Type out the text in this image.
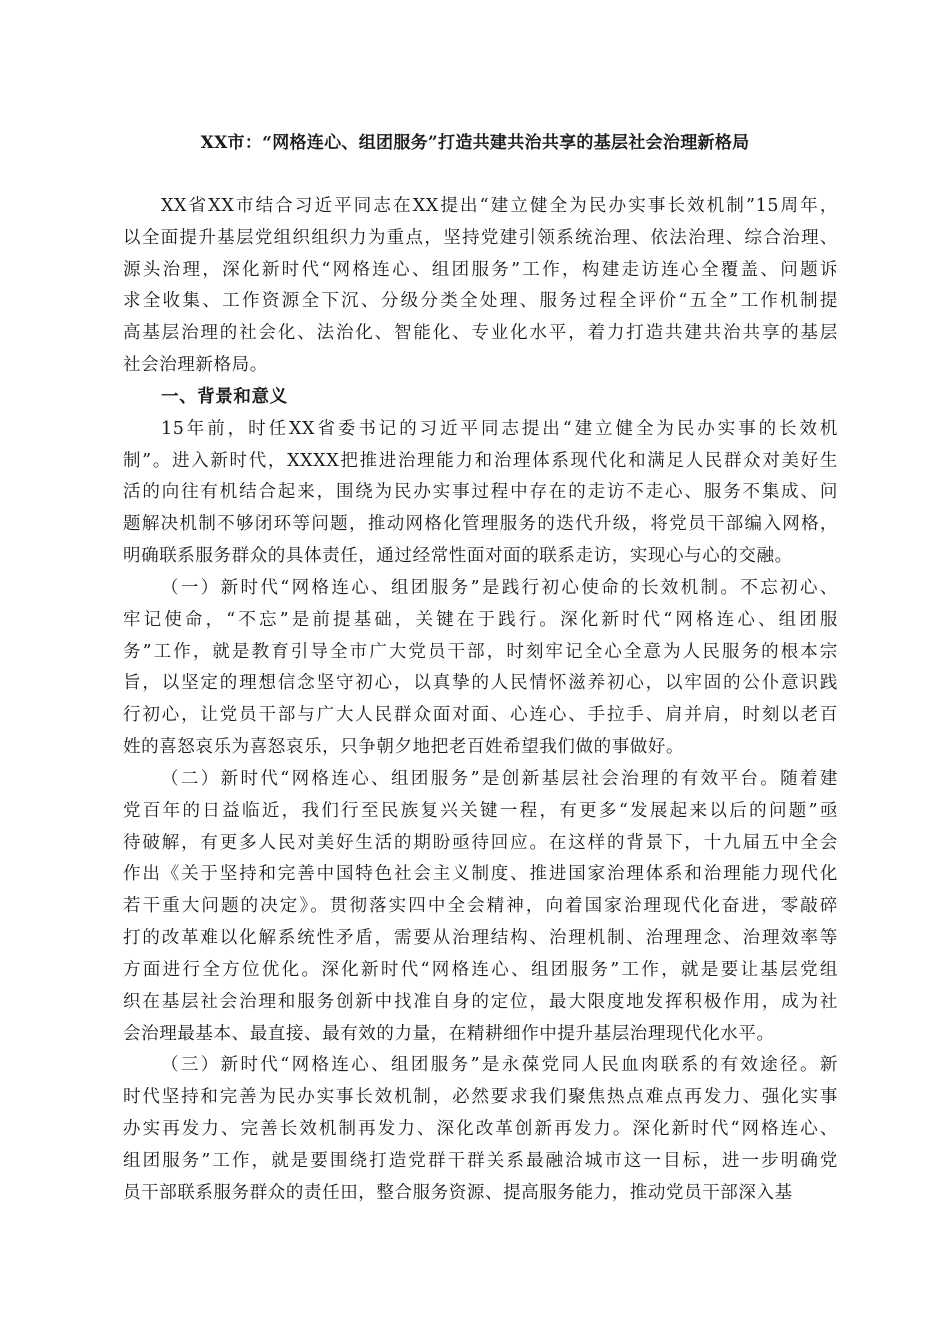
XX市：“网格连心、组团服务”打造共建共治共享的基层社会治理新格局
XX省XX市结合习近平同志在XX提出“建立健全为民办实事长效机制”15周年，
以全面提升基层党组织组织力为重点，坚持党建引领系统治理、依法治理、综合治理、
源头治理，深化新时代“网格连心、组团服务”工作，构建走访连心全覆盖、问题诉
求全收集、工作资源全下沉、分级分类全处理、服务过程全评价“五全”工作机制提
高基层治理的社会化、法治化、智能化、专业化水平，着力打造共建共治共享的基层
社会治理新格局。
一、背景和意义
15年前，时任XX省委书记的习近平同志提出“建立健全为民办实事的长效机
制”。进入新时代，XXXX把推进治理能力和治理体系现代化和满足人民群众对美好生
活的向往有机结合起来，围绕为民办实事过程中存在的走访不走心、服务不集成、问
题解决机制不够闭环等问题，推动网格化管理服务的迭代升级，将党员干部编入网格，
明确联系服务群众的具体责任，通过经常性面对面的联系走访，实现心与心的交融。
（一）新时代“网格连心、组团服务”是践行初心使命的长效机制。不忘初心、
牢记使命，“不忘”是前提基础，关键在于践行。深化新时代“网格连心、组团服
务”工作，就是教育引导全市广大党员干部，时刻牢记全心全意为人民服务的根本宗
旨，以坚定的理想信念坚守初心，以真挚的人民情怀滋养初心，以牢固的公仆意识践
行初心，让党员干部与广大人民群众面对面、心连心、手拉手、肩并肩，时刻以老百
姓的喜怒哀乐为喜怒哀乐，只争朝夕地把老百姓希望我们做的事做好。
（二）新时代“网格连心、组团服务”是创新基层社会治理的有效平台。随着建
党百年的日益临近，我们行至民族复兴关键一程，有更多“发展起来以后的问题”亟
待破解，有更多人民对美好生活的期盼亟待回应。在这样的背景下，十九届五中全会
作出《关于坚持和完善中国特色社会主义制度、推进国家治理体系和治理能力现代化
若干重大问题的决定》。贯彻落实四中全会精神，向着国家治理现代化奋进，零敲碎
打的改革难以化解系统性矛盾，需要从治理结构、治理机制、治理理念、治理效率等
方面进行全方位优化。深化新时代“网格连心、组团服务”工作，就是要让基层党组
织在基层社会治理和服务创新中找准自身的定位，最大限度地发挥积极作用，成为社
会治理最基本、最直接、最有效的力量，在精耕细作中提升基层治理现代化水平。
（三）新时代“网格连心、组团服务”是永葆党同人民血肉联系的有效途径。新
时代坚持和完善为民办实事长效机制，必然要求我们聚焦热点难点再发力、强化实事
办实再发力、完善长效机制再发力、深化改革创新再发力。深化新时代“网格连心、
组团服务”工作，就是要围绕打造党群干群关系最融洽城市这一目标，进一步明确党
员干部联系服务群众的责任田，整合服务资源、提高服务能力，推动党员干部深入基
